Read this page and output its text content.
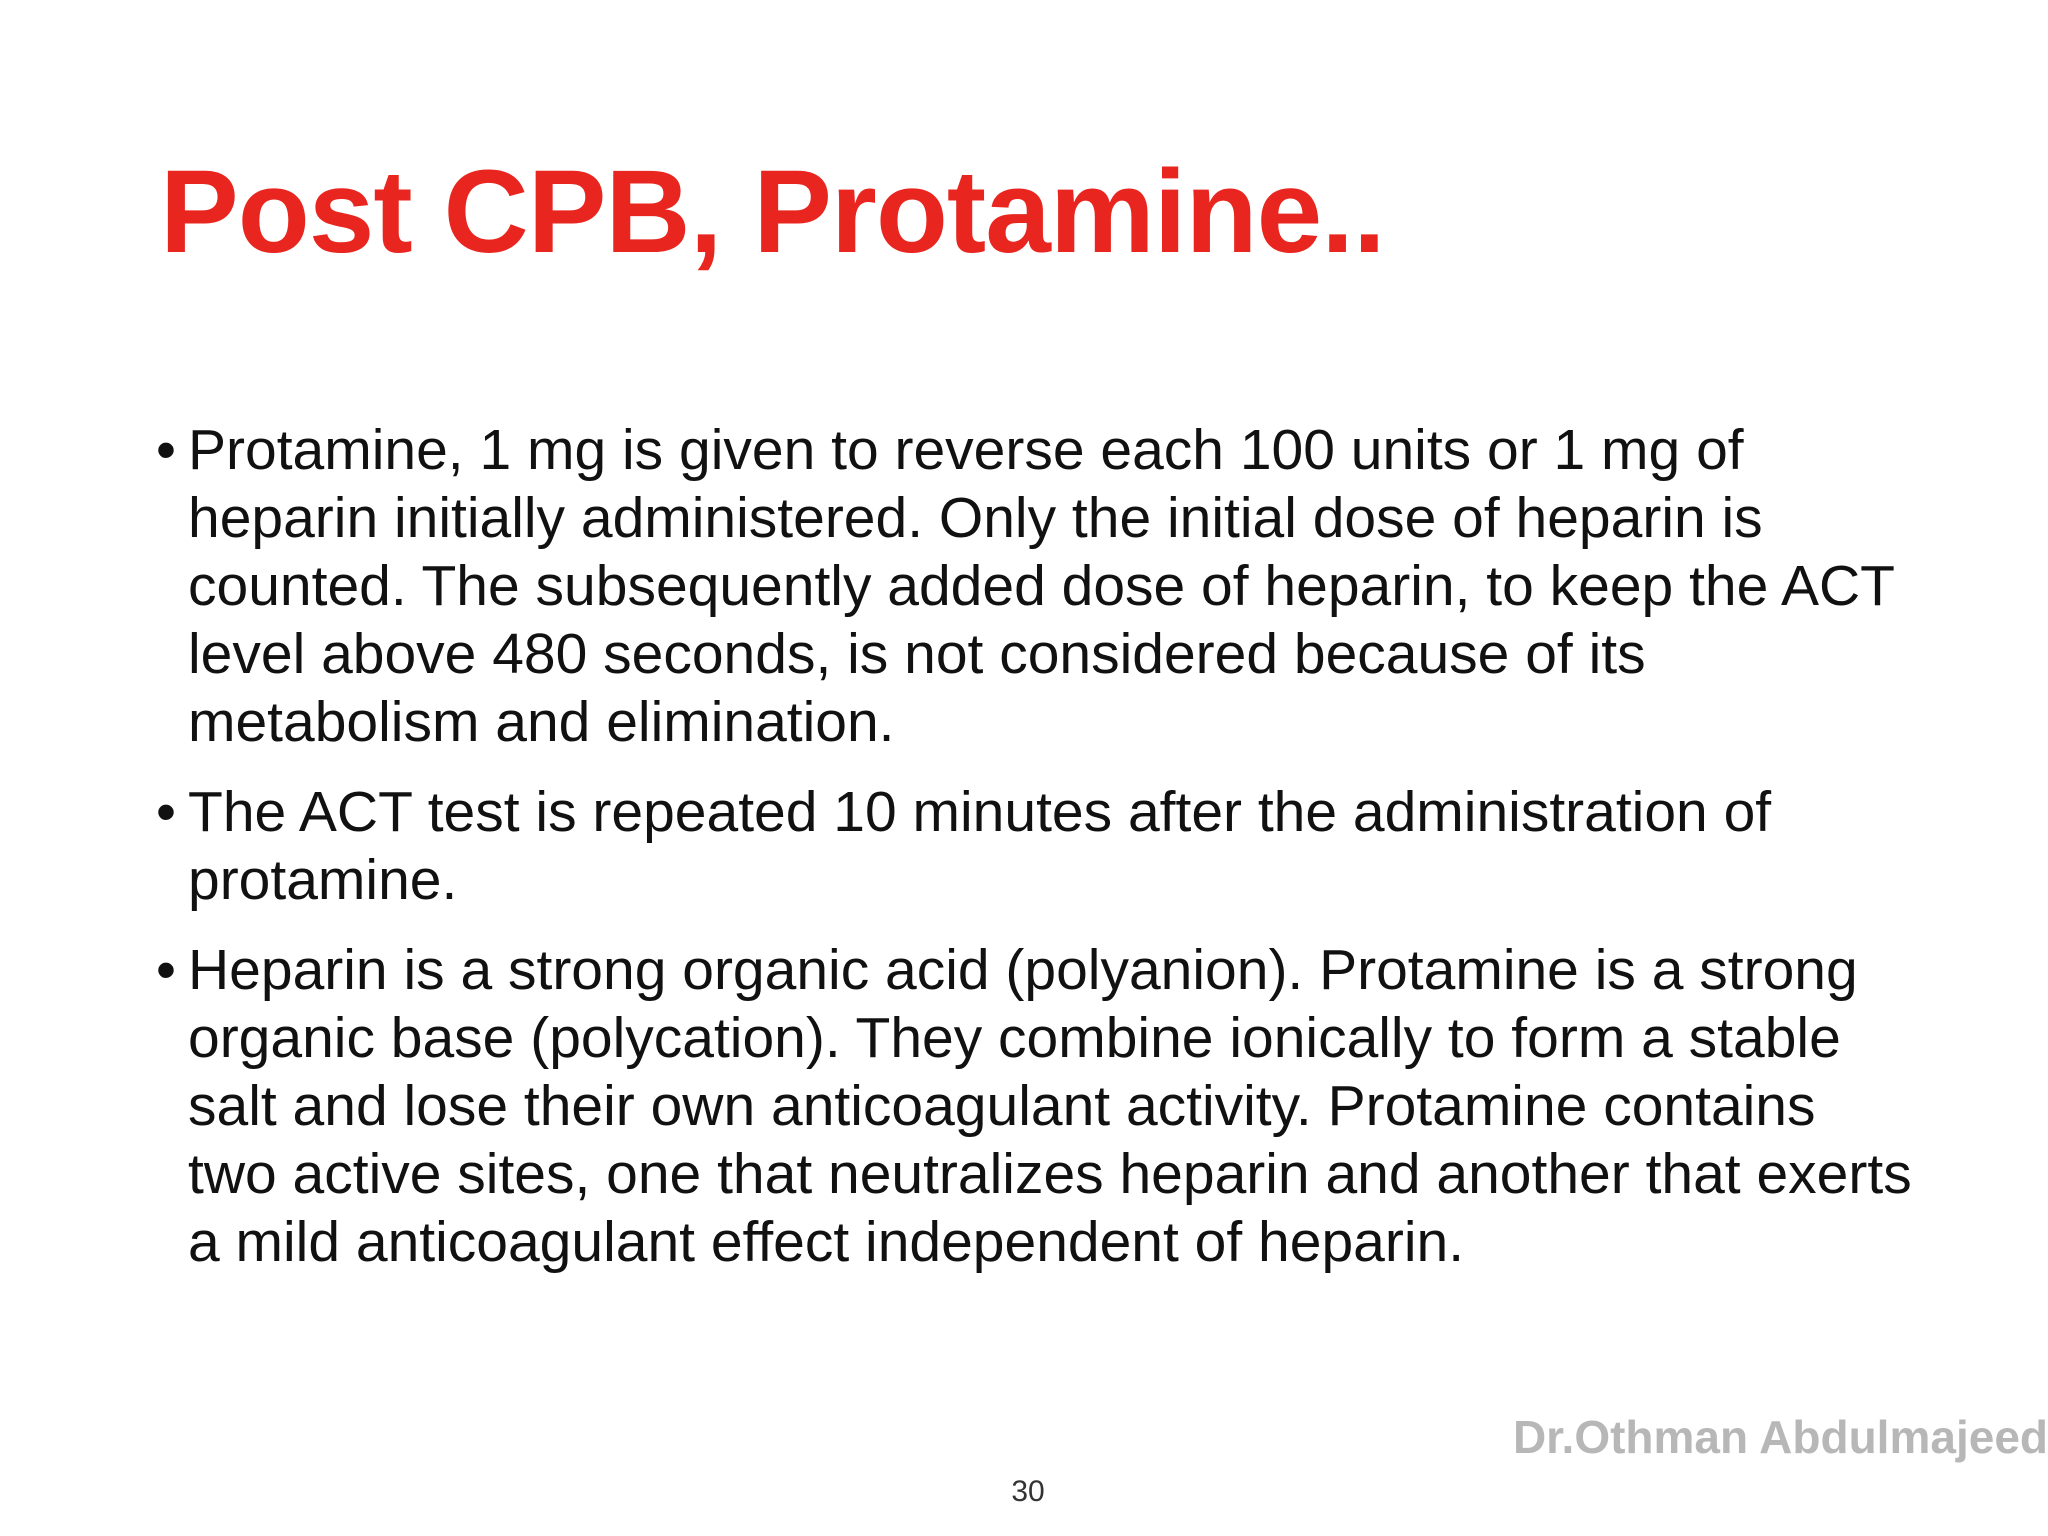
Post CPB, Protamine..
• Protamine, 1 mg is given to reverse each 100 units or 1 mg of heparin initially administered. Only the initial dose of heparin is counted. The subsequently added dose of heparin, to keep the ACT level above 480 seconds, is not considered because of its metabolism and elimination.
• The ACT test is repeated 10 minutes after the administration of protamine.
• Heparin is a strong organic acid (polyanion). Protamine is a strong organic base (polycation). They combine ionically to form a stable salt and lose their own anticoagulant activity. Protamine contains two active sites, one that neutralizes heparin and another that exerts a mild anticoagulant effect independent of heparin.
Dr.Othman Abdulmajeed
30
